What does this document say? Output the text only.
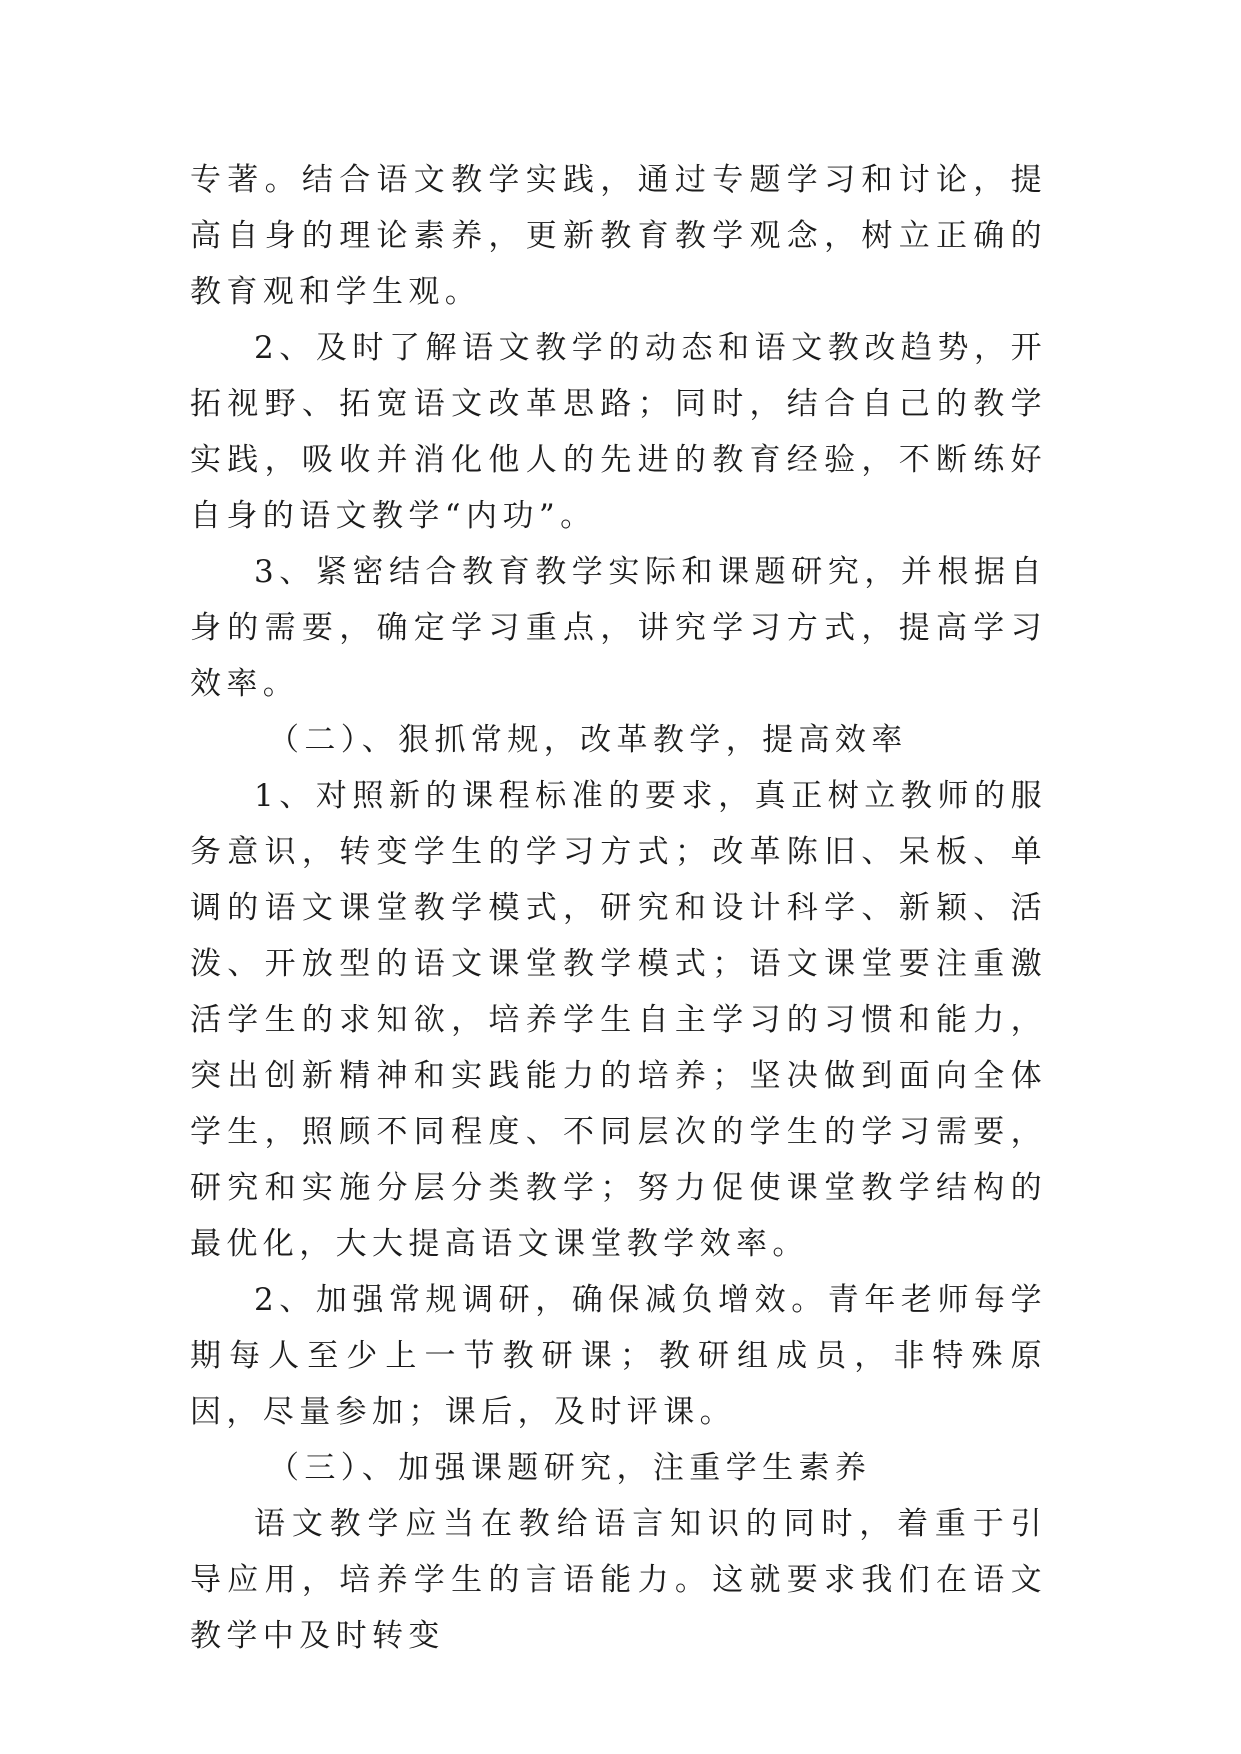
专著。结合语文教学实践，通过专题学习和讨论，提高自身的理论素养，更新教育教学观念，树立正确的教育观和学生观。

2、及时了解语文教学的动态和语文教改趋势，开拓视野、拓宽语文改革思路；同时，结合自己的教学实践，吸收并消化他人的先进的教育经验，不断练好自身的语文教学“内功”。

3、紧密结合教育教学实际和课题研究，并根据自身的需要，确定学习重点，讲究学习方式，提高学习效率。

（二）、狠抓常规，改革教学，提高效率

1、对照新的课程标准的要求，真正树立教师的服务意识，转变学生的学习方式；改革陈旧、呆板、单调的语文课堂教学模式，研究和设计科学、新颖、活泼、开放型的语文课堂教学模式；语文课堂要注重激活学生的求知欲，培养学生自主学习的习惯和能力，突出创新精神和实践能力的培养；坚决做到面向全体学生，照顾不同程度、不同层次的学生的学习需要，研究和实施分层分类教学；努力促使课堂教学结构的最优化，大大提高语文课堂教学效率。

2、加强常规调研，确保减负增效。青年老师每学期每人至少上一节教研课；教研组成员，非特殊原因，尽量参加；课后，及时评课。

（三）、加强课题研究，注重学生素养

语文教学应当在教给语言知识的同时，着重于引导应用，培养学生的言语能力。这就要求我们在语文教学中及时转变
